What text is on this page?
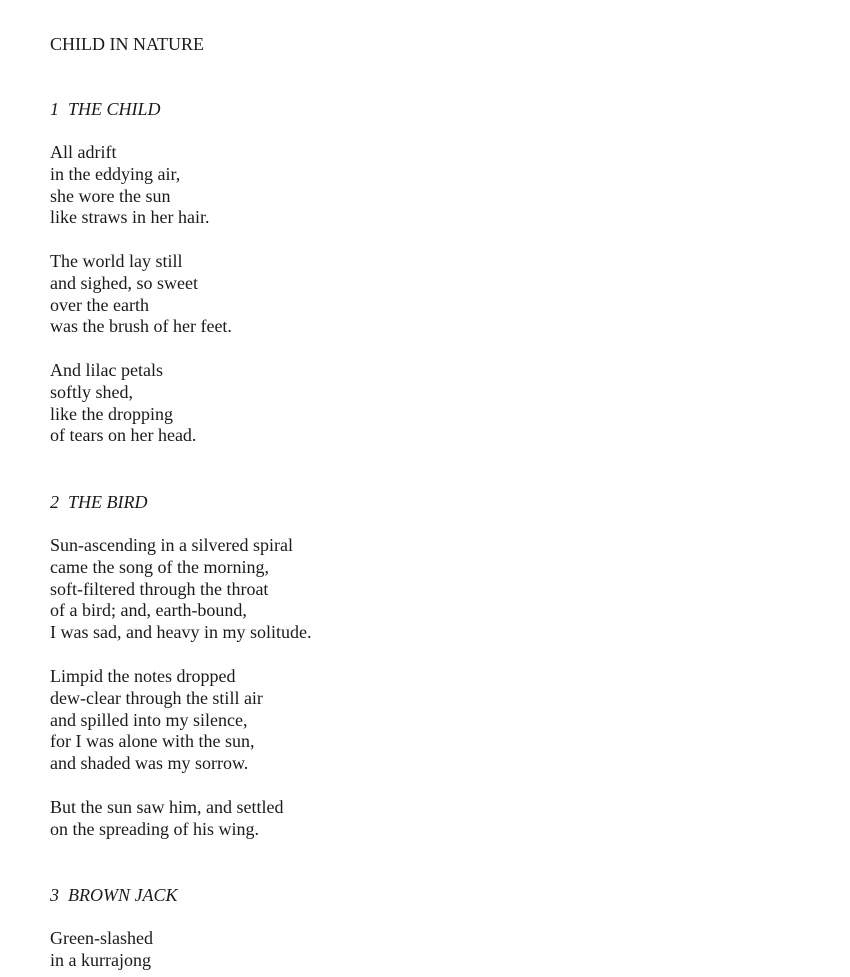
CHILD IN NATURE
1  THE CHILD
All adrift
in the eddying air,
she wore the sun
like straws in her hair.
The world lay still
and sighed, so sweet
over the earth
was the brush of her feet.
And lilac petals
softly shed,
like the dropping
of tears on her head.
2  THE BIRD
Sun-ascending in a silvered spiral
came the song of the morning,
soft-filtered through the throat
of a bird; and, earth-bound,
I was sad, and heavy in my solitude.
Limpid the notes dropped
dew-clear through the still air
and spilled into my silence,
for I was alone with the sun,
and shaded was my sorrow.
But the sun saw him, and settled
on the spreading of his wing.
3  BROWN JACK
Green-slashed
in a kurrajong
